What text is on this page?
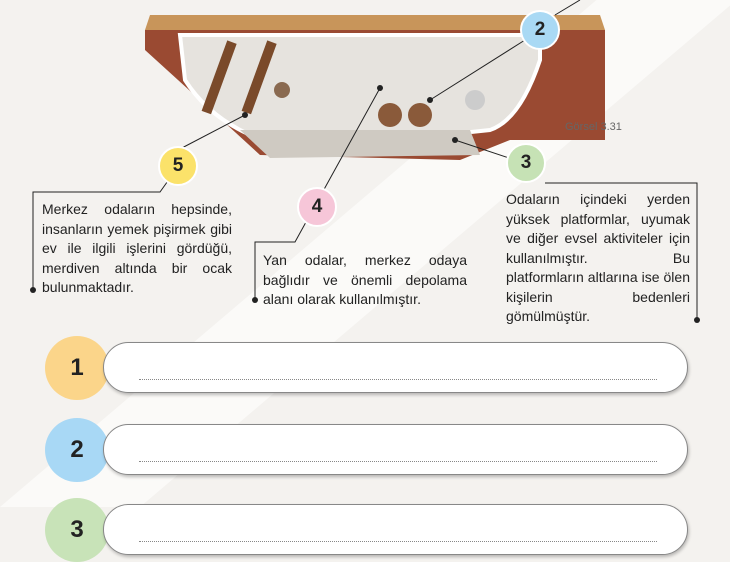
Görsel 3.31
2
5
4
3
Merkez odaların hepsinde, insanların yemek pişirmek gibi ev ile ilgili işlerini gördüğü, merdiven altında bir ocak bulunmaktadır.
Yan odalar, merkez odaya bağlıdır ve önemli depolama alanı olarak kullanılmıştır.
Odaların içindeki yerden yüksek platformlar, uyumak ve diğer evsel aktiviteler için kullanılmıştır. Bu platformların altlarına ise ölen kişilerin bedenleri gömülmüştür.
1
2
3
